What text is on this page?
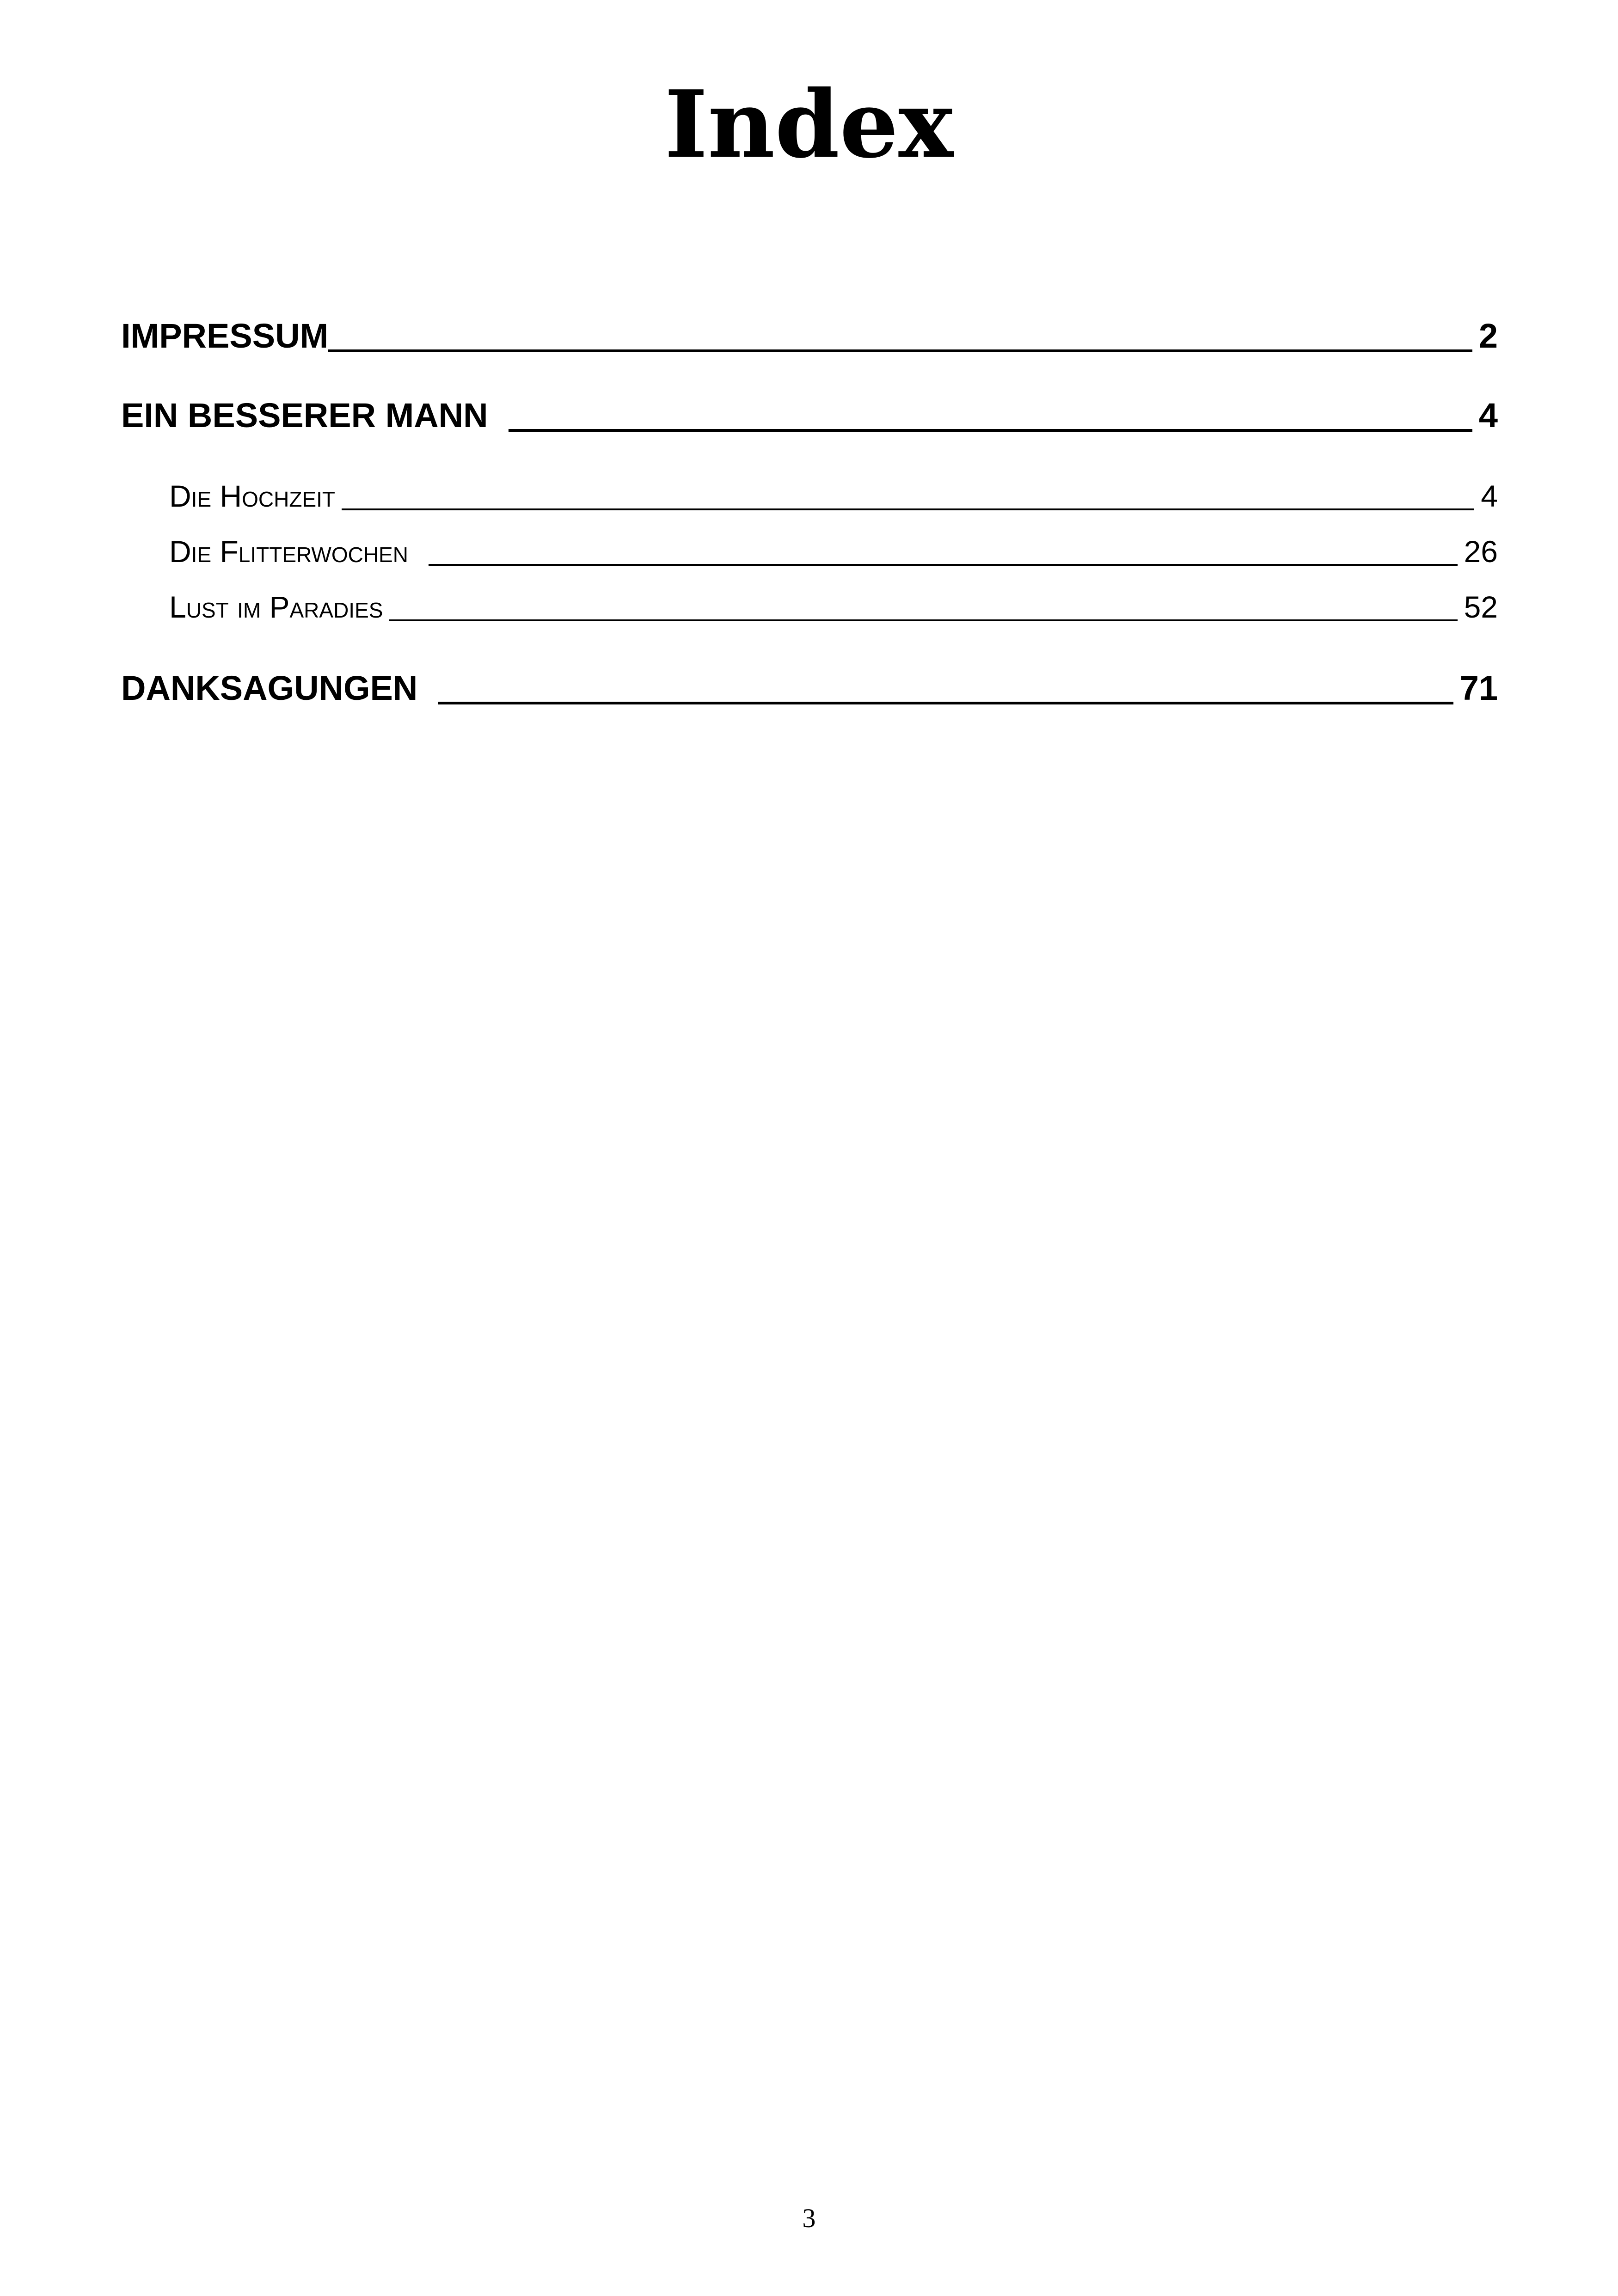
Index
IMPRESSUM	2
EIN BESSERER MANN	4
Die Hochzeit	4
Die Flitterwochen	26
Lust im Paradies	52
DANKSAGUNGEN	71
3
